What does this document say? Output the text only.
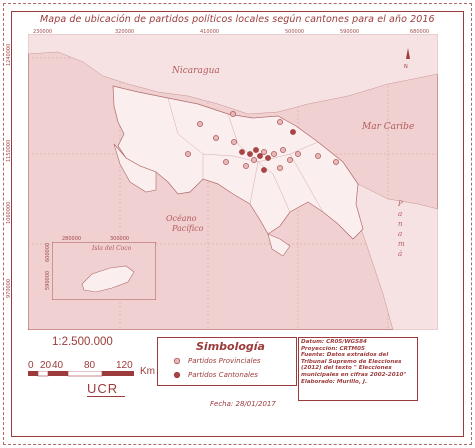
Mapa de ubicación de partidos políticos locales según cantones para el año 2016
N
230000	320000	410000	500000	590000	680000
1240000
1150000
1060000
970000
Nicaragua
Mar Caribe
Océano
Pacífico
P
a
n
a
m
á
280000	300000
600000
590000
Isla del Coco
1:2.500.000
0 20 40 80 120
Km
UCR
Simbología
Partidos Provinciales
Partidos Cantonales
Datum: CR05/WGS84
Proyección: CRTM05
Fuente: Datos extraídos del
Tribunal Supremo de Elecciones
(2012) del texto " Elecciones
municipales en cifras 2002-2010"
Elaborado: Murillo, J.
Fecha: 28/01/2017
